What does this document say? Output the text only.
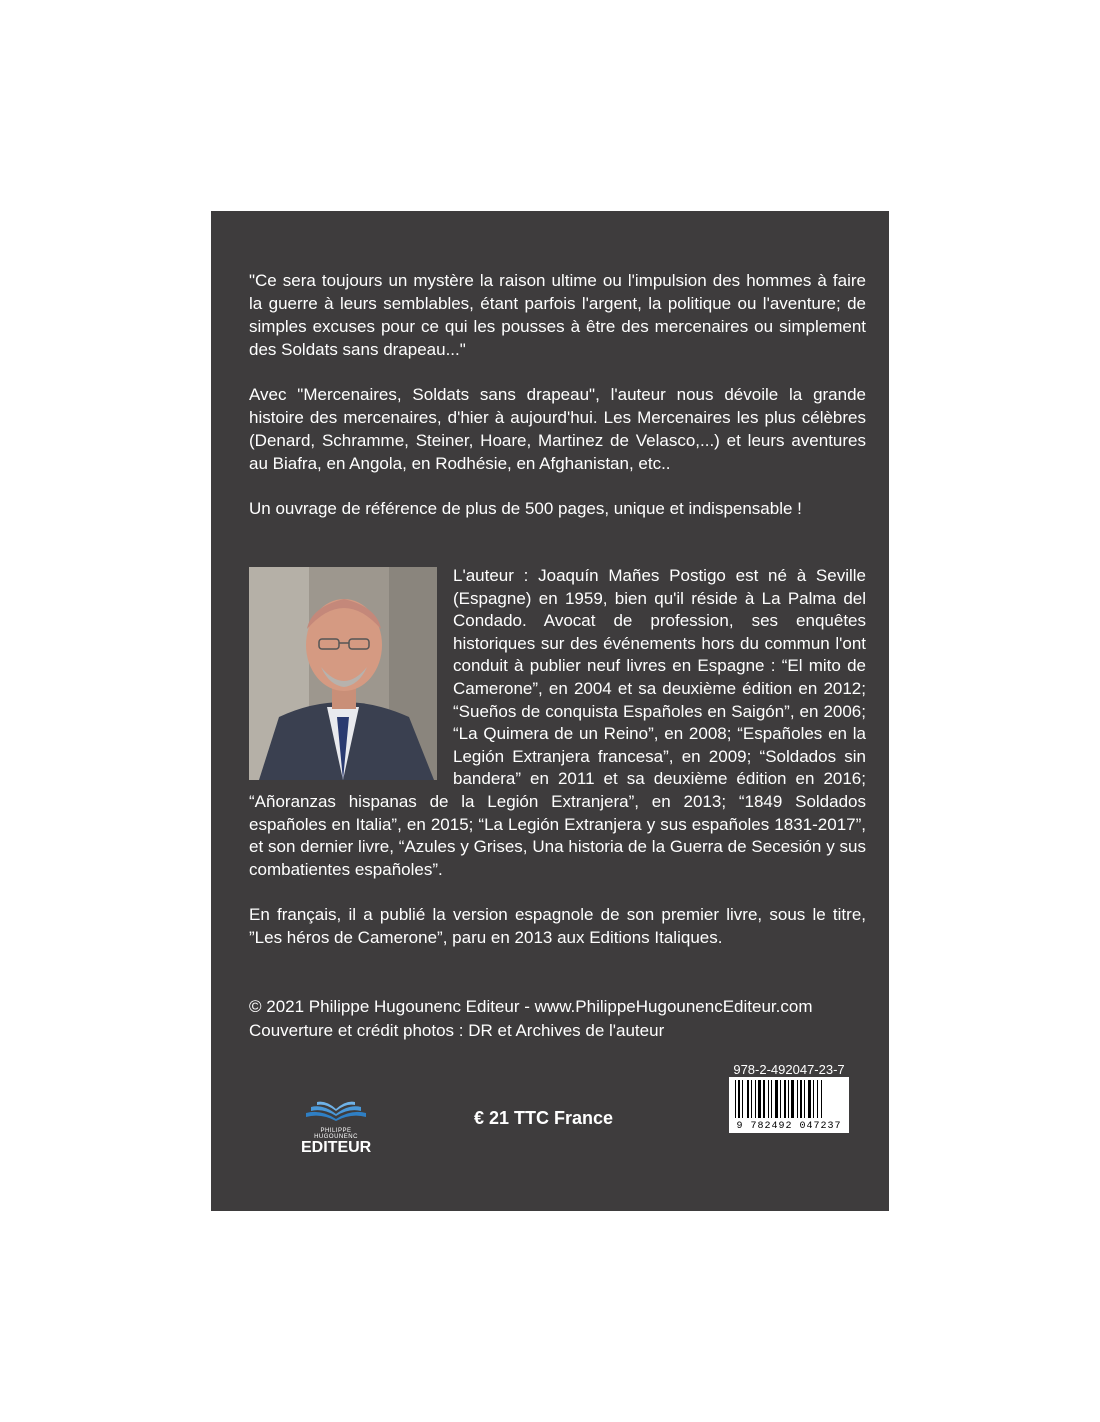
"Ce sera toujours un mystère la raison ultime ou l'impulsion des hommes à faire la guerre à leurs semblables, étant parfois l'argent, la politique ou l'aventure; de simples excuses pour ce qui les pousses à être des mercenaires ou simplement des Soldats sans drapeau..."

Avec "Mercenaires, Soldats sans drapeau", l'auteur nous dévoile la grande histoire des mercenaires, d'hier à aujourd'hui. Les Mercenaires les plus célèbres (Denard, Schramme, Steiner, Hoare, Martinez de Velasco,...) et leurs aventures au Biafra, en Angola, en Rodhésie, en Afghanistan, etc..

Un ouvrage de référence de plus de 500 pages, unique et indispensable !

L'auteur : Joaquín Mañes Postigo est né à Seville (Espagne) en 1959, bien qu'il réside à La Palma del Condado. Avocat de profession, ses enquêtes historiques sur des événements hors du commun l'ont conduit à publier neuf livres en Espagne : “El mito de Camerone”, en 2004 et sa deuxième édition en 2012; “Sueños de conquista Españoles en Saigón”, en 2006; “La Quimera de un Reino”, en 2008; “Españoles en la Legión Extranjera francesa”, en 2009; “Soldados sin bandera” en 2011 et sa deuxième édition en 2016; “Añoranzas hispanas de la Legión Extranjera”, en 2013; “1849 Soldados españoles en Italia”, en 2015; “La Legión Extranjera y sus españoles 1831-2017”, et son dernier livre, “Azules y Grises, Una historia de la Guerra de Secesión y sus combatientes españoles”.

En français, il a publié la version espagnole de son premier livre, sous le titre, ”Les héros de Camerone”, paru en 2013 aux Editions Italiques.

© 2021 Philippe Hugounenc Editeur - www.PhilippeHugounencEditeur.com
Couverture et crédit photos : DR et Archives de l'auteur
PHILIPPE HUGOUNENC
EDITEUR
€ 21 TTC France
978-2-492047-23-7
9 782492 047237
